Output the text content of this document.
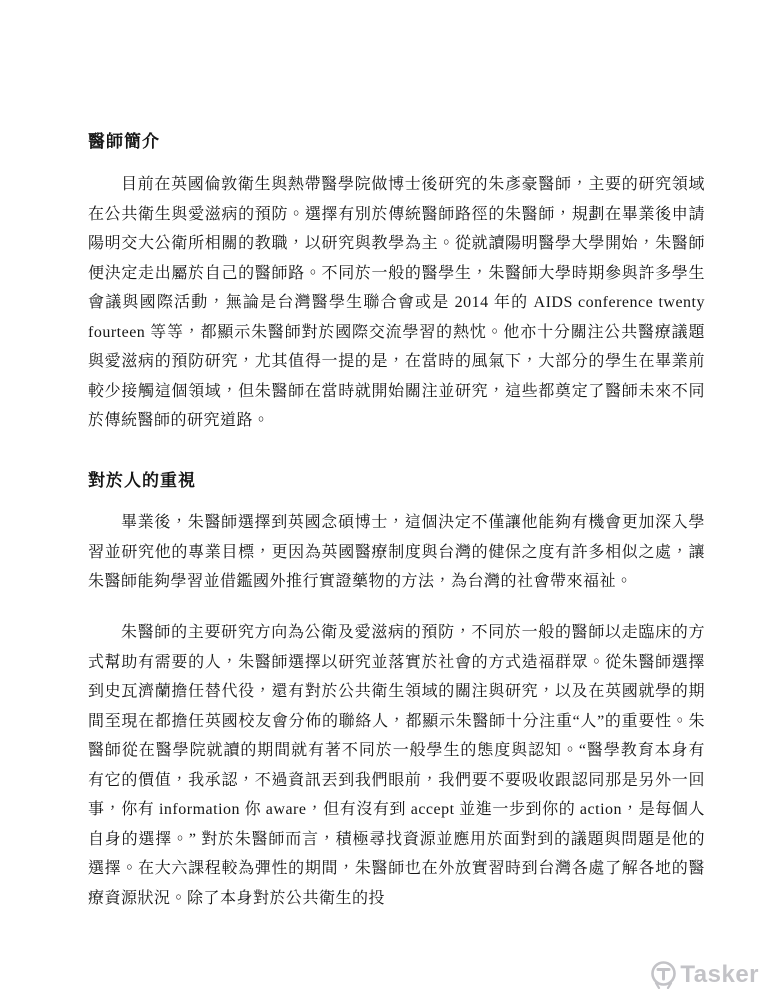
醫師簡介
目前在英國倫敦衛生與熱帶醫學院做博士後研究的朱彥豪醫師，主要的研究領域在公共衛生與愛滋病的預防。選擇有別於傳統醫師路徑的朱醫師，規劃在畢業後申請陽明交大公衛所相關的教職，以研究與教學為主。從就讀陽明醫學大學開始，朱醫師便決定走出屬於自己的醫師路。不同於一般的醫學生，朱醫師大學時期參與許多學生會議與國際活動，無論是台灣醫學生聯合會或是 2014 年的 AIDS conference twenty fourteen 等等，都顯示朱醫師對於國際交流學習的熱忱。他亦十分關注公共醫療議題與愛滋病的預防研究，尤其值得一提的是，在當時的風氣下，大部分的學生在畢業前較少接觸這個領域，但朱醫師在當時就開始關注並研究，這些都奠定了醫師未來不同於傳統醫師的研究道路。
對於人的重視
畢業後，朱醫師選擇到英國念碩博士，這個決定不僅讓他能夠有機會更加深入學習並研究他的專業目標，更因為英國醫療制度與台灣的健保之度有許多相似之處，讓朱醫師能夠學習並借鑑國外推行實證藥物的方法，為台灣的社會帶來福祉。
朱醫師的主要研究方向為公衛及愛滋病的預防，不同於一般的醫師以走臨床的方式幫助有需要的人，朱醫師選擇以研究並落實於社會的方式造福群眾。從朱醫師選擇到史瓦濟蘭擔任替代役，還有對於公共衛生領域的關注與研究，以及在英國就學的期間至現在都擔任英國校友會分佈的聯絡人，都顯示朱醫師十分注重“人”的重要性。朱醫師從在醫學院就讀的期間就有著不同於一般學生的態度與認知。“醫學教育本身有有它的價值，我承認，不過資訊丟到我們眼前，我們要不要吸收跟認同那是另外一回事，你有 information 你 aware，但有沒有到 accept 並進一步到你的 action，是每個人自身的選擇。” 對於朱醫師而言，積極尋找資源並應用於面對到的議題與問題是他的選擇。在大六課程較為彈性的期間，朱醫師也在外放實習時到台灣各處了解各地的醫療資源狀況。除了本身對於公共衛生的投
Tasker
